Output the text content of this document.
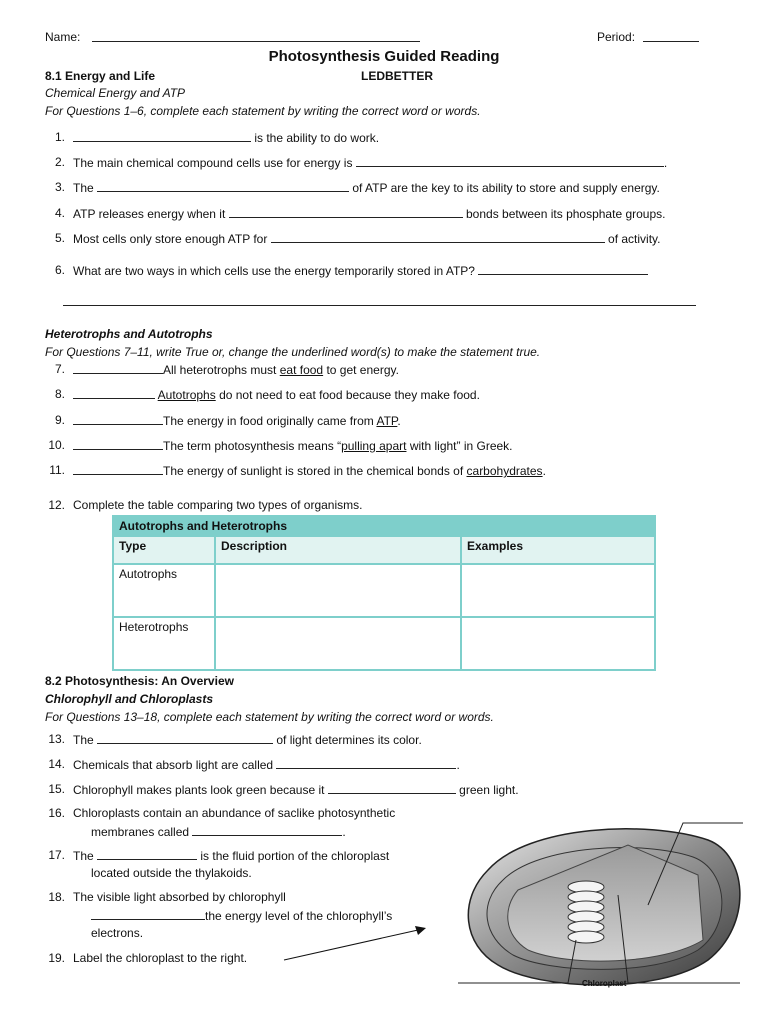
Name:	Period:
Photosynthesis Guided Reading
8.1 Energy and Life	LEDBETTER
Chemical Energy and ATP
For Questions 1–6, complete each statement by writing the correct word or words.
1.	is the ability to do work.
2. The main chemical compound cells use for energy is	.
3. The	of ATP are the key to its ability to store and supply energy.
4. ATP releases energy when it	bonds between its phosphate groups.
5. Most cells only store enough ATP for	of activity.
6. What are two ways in which cells use the energy temporarily stored in ATP?
Heterotrophs and Autotrophs
For Questions 7–11, write True or, change the underlined word(s) to make the statement true.
7.	All heterotrophs must eat food to get energy.
8.	Autotrophs do not need to eat food because they make food.
9.	The energy in food originally came from ATP.
10.	The term photosynthesis means “pulling apart with light” in Greek.
11.	The energy of sunlight is stored in the chemical bonds of carbohydrates.
12. Complete the table comparing two types of organisms.
Autotrophs and Heterotrophs		
Type	Description	Examples
Autotrophs		
Heterotrophs		
8.2 Photosynthesis: An Overview
Chlorophyll and Chloroplasts
For Questions 13–18, complete each statement by writing the correct word or words.
13. The	of light determines its color.
14. Chemicals that absorb light are called	.
15. Chlorophyll makes plants look green because it	green light.
16. Chloroplasts contain an abundance of saclike photosynthetic
membranes called	.
17. The	is the fluid portion of the chloroplast
located outside the thylakoids.
18. The visible light absorbed by chlorophyll
the energy level of the chlorophyll’s
electrons.
19. Label the chloroplast to the right.
Chloroplast
